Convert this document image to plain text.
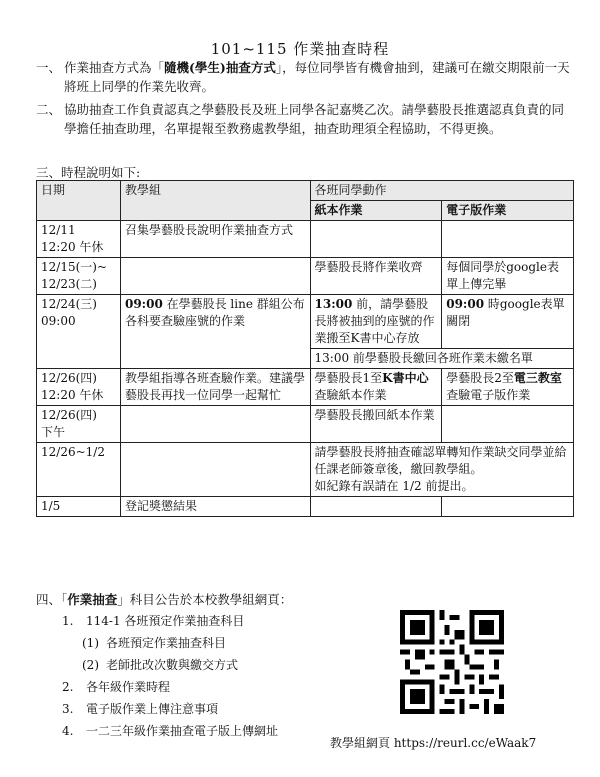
101~115 作業抽查時程
一、 作業抽查方式為「隨機(學生)抽查方式」，每位同學皆有機會抽到，建議可在繳交期限前一天將班上同學的作業先收齊。
二、 協助抽查工作負責認真之學藝股長及班上同學各記嘉獎乙次。請學藝股長推選認真負責的同學擔任抽查助理，名單提報至教務處教學組，抽查助理須全程協助，不得更換。
三、時程說明如下:
日期	教學組	各班同學動作	
		紙本作業	電子版作業

12/11
12:20 午休	召集學藝股長說明作業抽查方式		

12/15(一)~
12/23(二)		學藝股長將作業收齊	每個同學於google表單上傳完畢

12/24(三)
09:00	09:00 在學藝股長 line 群組公布各科要查驗座號的作業	13:00 前，請學藝股長將被抽到的座號的作業搬至K書中心存放	09:00 時google表單關閉
		13:00 前學藝股長繳回各班作業未繳名單	

12/26(四)
12:20 午休	教學組指導各班查驗作業。建議學藝股長再找一位同學一起幫忙	學藝股長1至K書中心查驗紙本作業	學藝股長2至電三教室查驗電子版作業

12/26(四)
下午		學藝股長搬回紙本作業	

12/26~1/2		請學藝股長將抽查確認單轉知作業缺交同學並給任課老師簽章後，繳回教學組。
如紀錄有誤請在 1/2 前提出。	

1/5	登記獎懲結果		
四、「作業抽查」科目公告於本校教學組網頁：
1. 114-1 各班預定作業抽查科目
(1) 各班預定作業抽查科目
(2) 老師批改次數與繳交方式
2. 各年級作業時程
3. 電子版作業上傳注意事項
4. 一二三年級作業抽查電子版上傳網址
教學組網頁 https://reurl.cc/eWaak7
